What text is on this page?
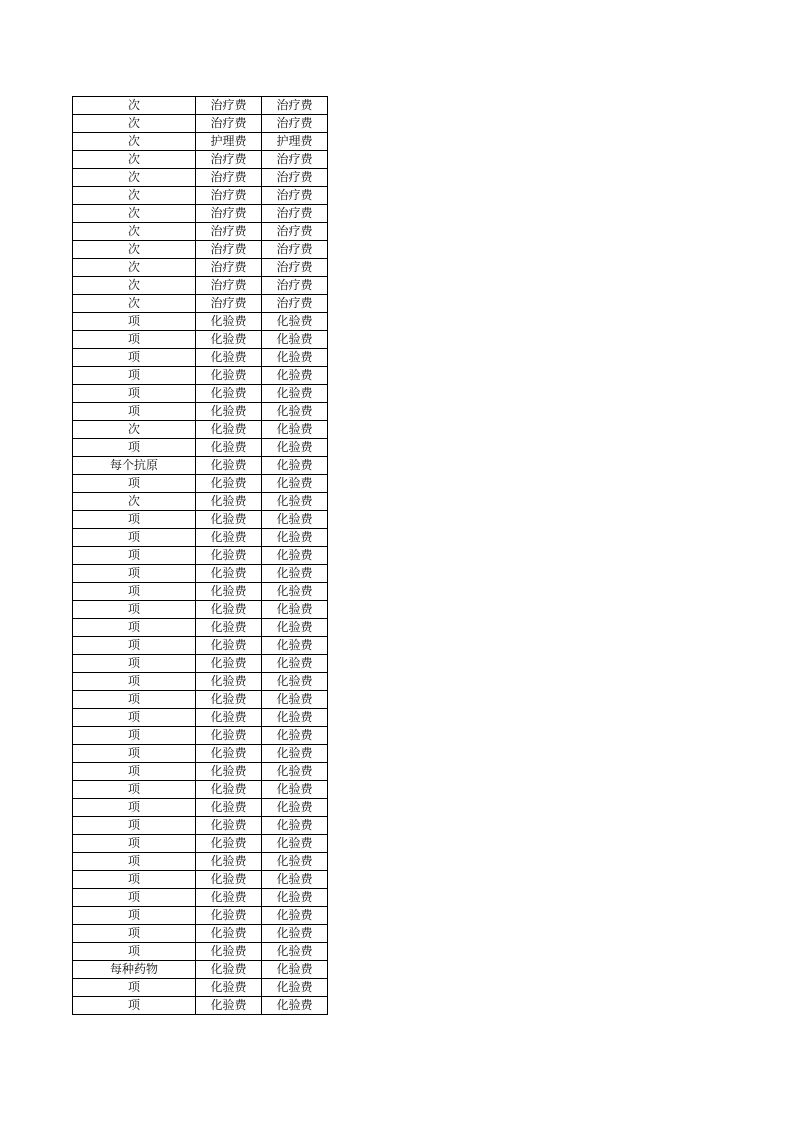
次	治疗费	治疗费
次	治疗费	治疗费
次	护理费	护理费
次	治疗费	治疗费
次	治疗费	治疗费
次	治疗费	治疗费
次	治疗费	治疗费
次	治疗费	治疗费
次	治疗费	治疗费
次	治疗费	治疗费
次	治疗费	治疗费
次	治疗费	治疗费
项	化验费	化验费
项	化验费	化验费
项	化验费	化验费
项	化验费	化验费
项	化验费	化验费
项	化验费	化验费
次	化验费	化验费
项	化验费	化验费
每个抗原	化验费	化验费
项	化验费	化验费
次	化验费	化验费
项	化验费	化验费
项	化验费	化验费
项	化验费	化验费
项	化验费	化验费
项	化验费	化验费
项	化验费	化验费
项	化验费	化验费
项	化验费	化验费
项	化验费	化验费
项	化验费	化验费
项	化验费	化验费
项	化验费	化验费
项	化验费	化验费
项	化验费	化验费
项	化验费	化验费
项	化验费	化验费
项	化验费	化验费
项	化验费	化验费
项	化验费	化验费
项	化验费	化验费
项	化验费	化验费
项	化验费	化验费
项	化验费	化验费
项	化验费	化验费
项	化验费	化验费
每种药物	化验费	化验费
项	化验费	化验费
项	化验费	化验费
